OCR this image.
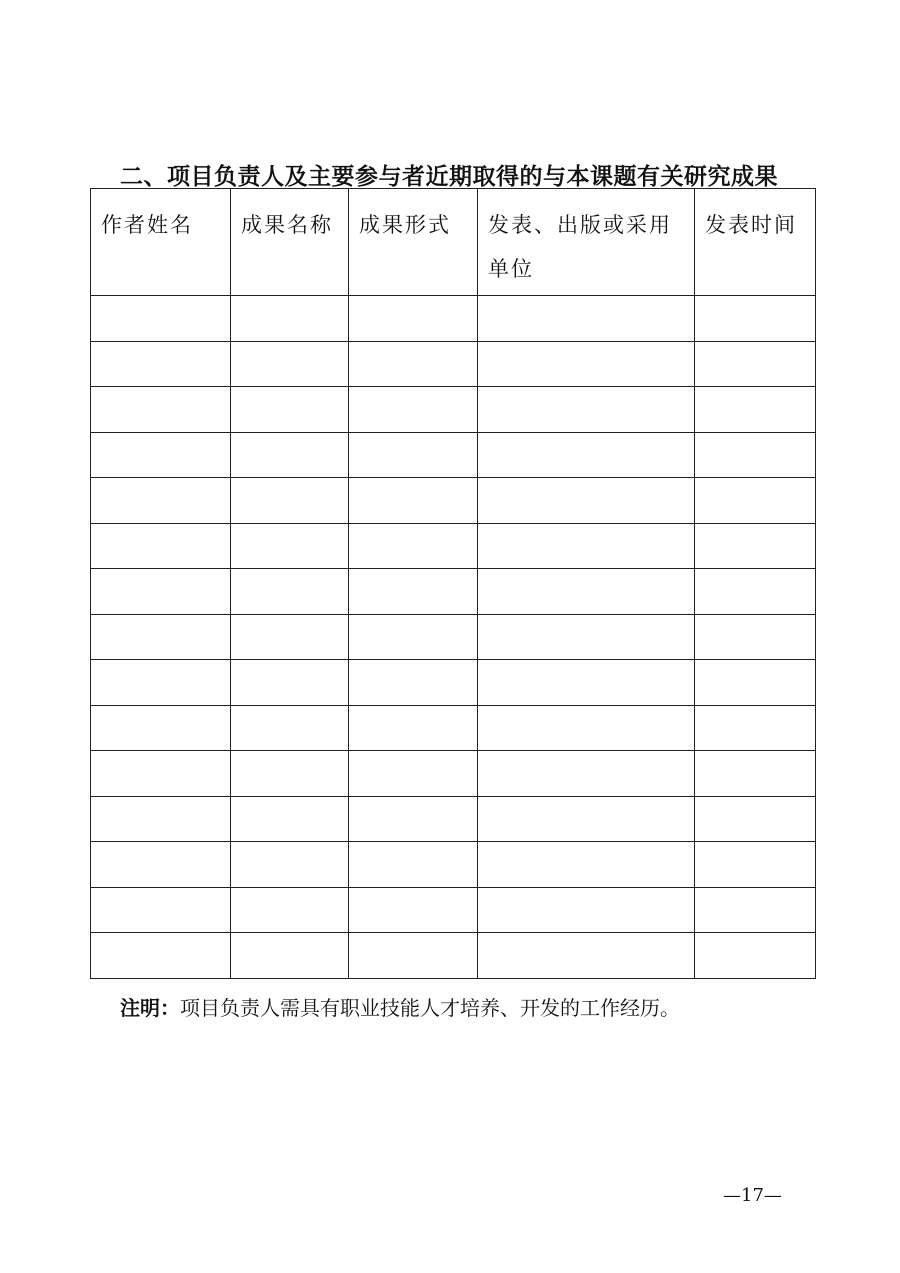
二、项目负责人及主要参与者近期取得的与本课题有关研究成果
作者姓名	成果名称	成果形式	发表、出版或采用单位	发表时间

注明：项目负责人需具有职业技能人才培养、开发的工作经历。
—17—
